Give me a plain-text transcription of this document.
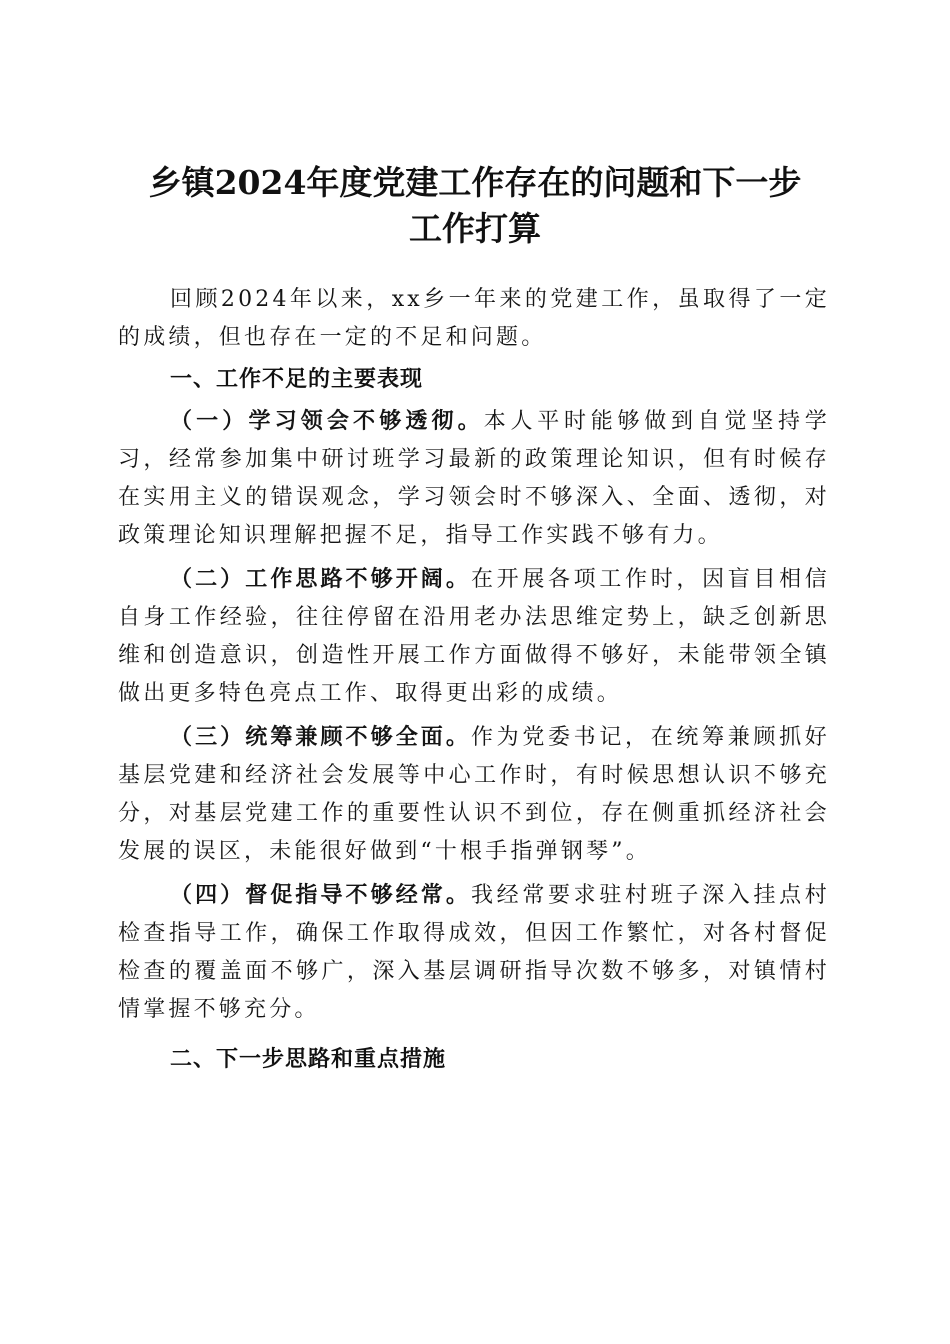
乡镇2024年度党建工作存在的问题和下一步
工作打算

回顾2024年以来，xx乡一年来的党建工作，虽取得了一定的成绩，但也存在一定的不足和问题。

一、工作不足的主要表现

（一）学习领会不够透彻。本人平时能够做到自觉坚持学习，经常参加集中研讨班学习最新的政策理论知识，但有时候存在实用主义的错误观念，学习领会时不够深入、全面、透彻，对政策理论知识理解把握不足，指导工作实践不够有力。

（二）工作思路不够开阔。在开展各项工作时，因盲目相信自身工作经验，往往停留在沿用老办法思维定势上，缺乏创新思维和创造意识，创造性开展工作方面做得不够好，未能带领全镇做出更多特色亮点工作、取得更出彩的成绩。

（三）统筹兼顾不够全面。作为党委书记，在统筹兼顾抓好基层党建和经济社会发展等中心工作时，有时候思想认识不够充分，对基层党建工作的重要性认识不到位，存在侧重抓经济社会发展的误区，未能很好做到“十根手指弹钢琴”。

（四）督促指导不够经常。我经常要求驻村班子深入挂点村检查指导工作，确保工作取得成效，但因工作繁忙，对各村督促检查的覆盖面不够广，深入基层调研指导次数不够多，对镇情村情掌握不够充分。

二、下一步思路和重点措施
